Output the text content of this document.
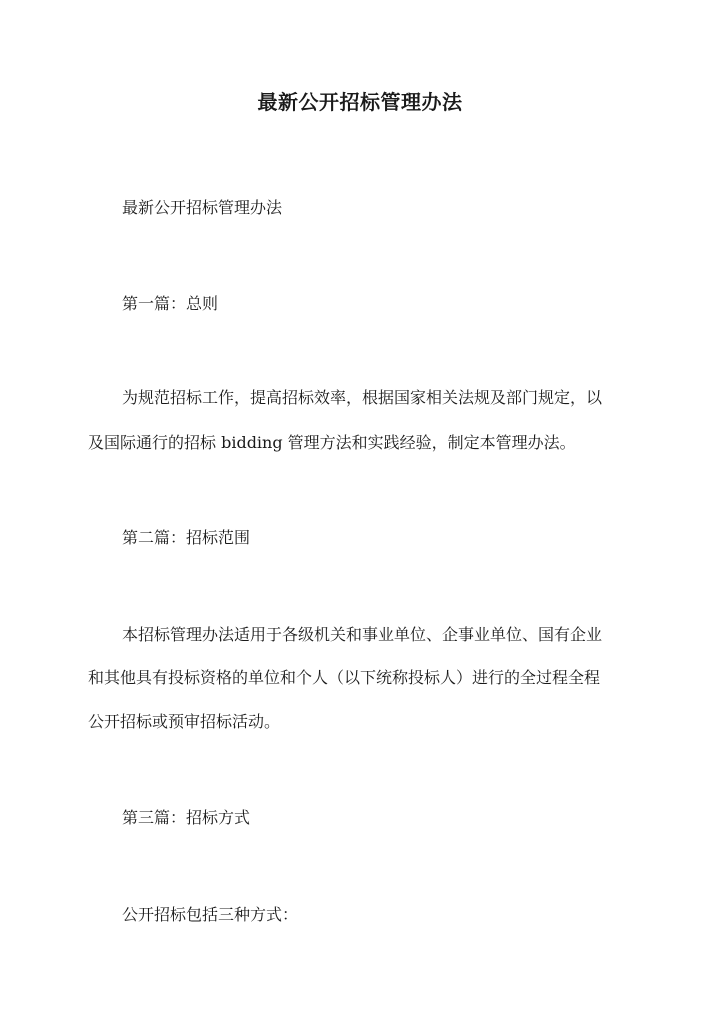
最新公开招标管理办法
最新公开招标管理办法
第一篇：总则
为规范招标工作，提高招标效率，根据国家相关法规及部门规定，以
及国际通行的招标 bidding 管理方法和实践经验，制定本管理办法。
第二篇：招标范围
本招标管理办法适用于各级机关和事业单位、企事业单位、国有企业
和其他具有投标资格的单位和个人（以下统称投标人）进行的全过程全程
公开招标或预审招标活动。
第三篇：招标方式
公开招标包括三种方式：
